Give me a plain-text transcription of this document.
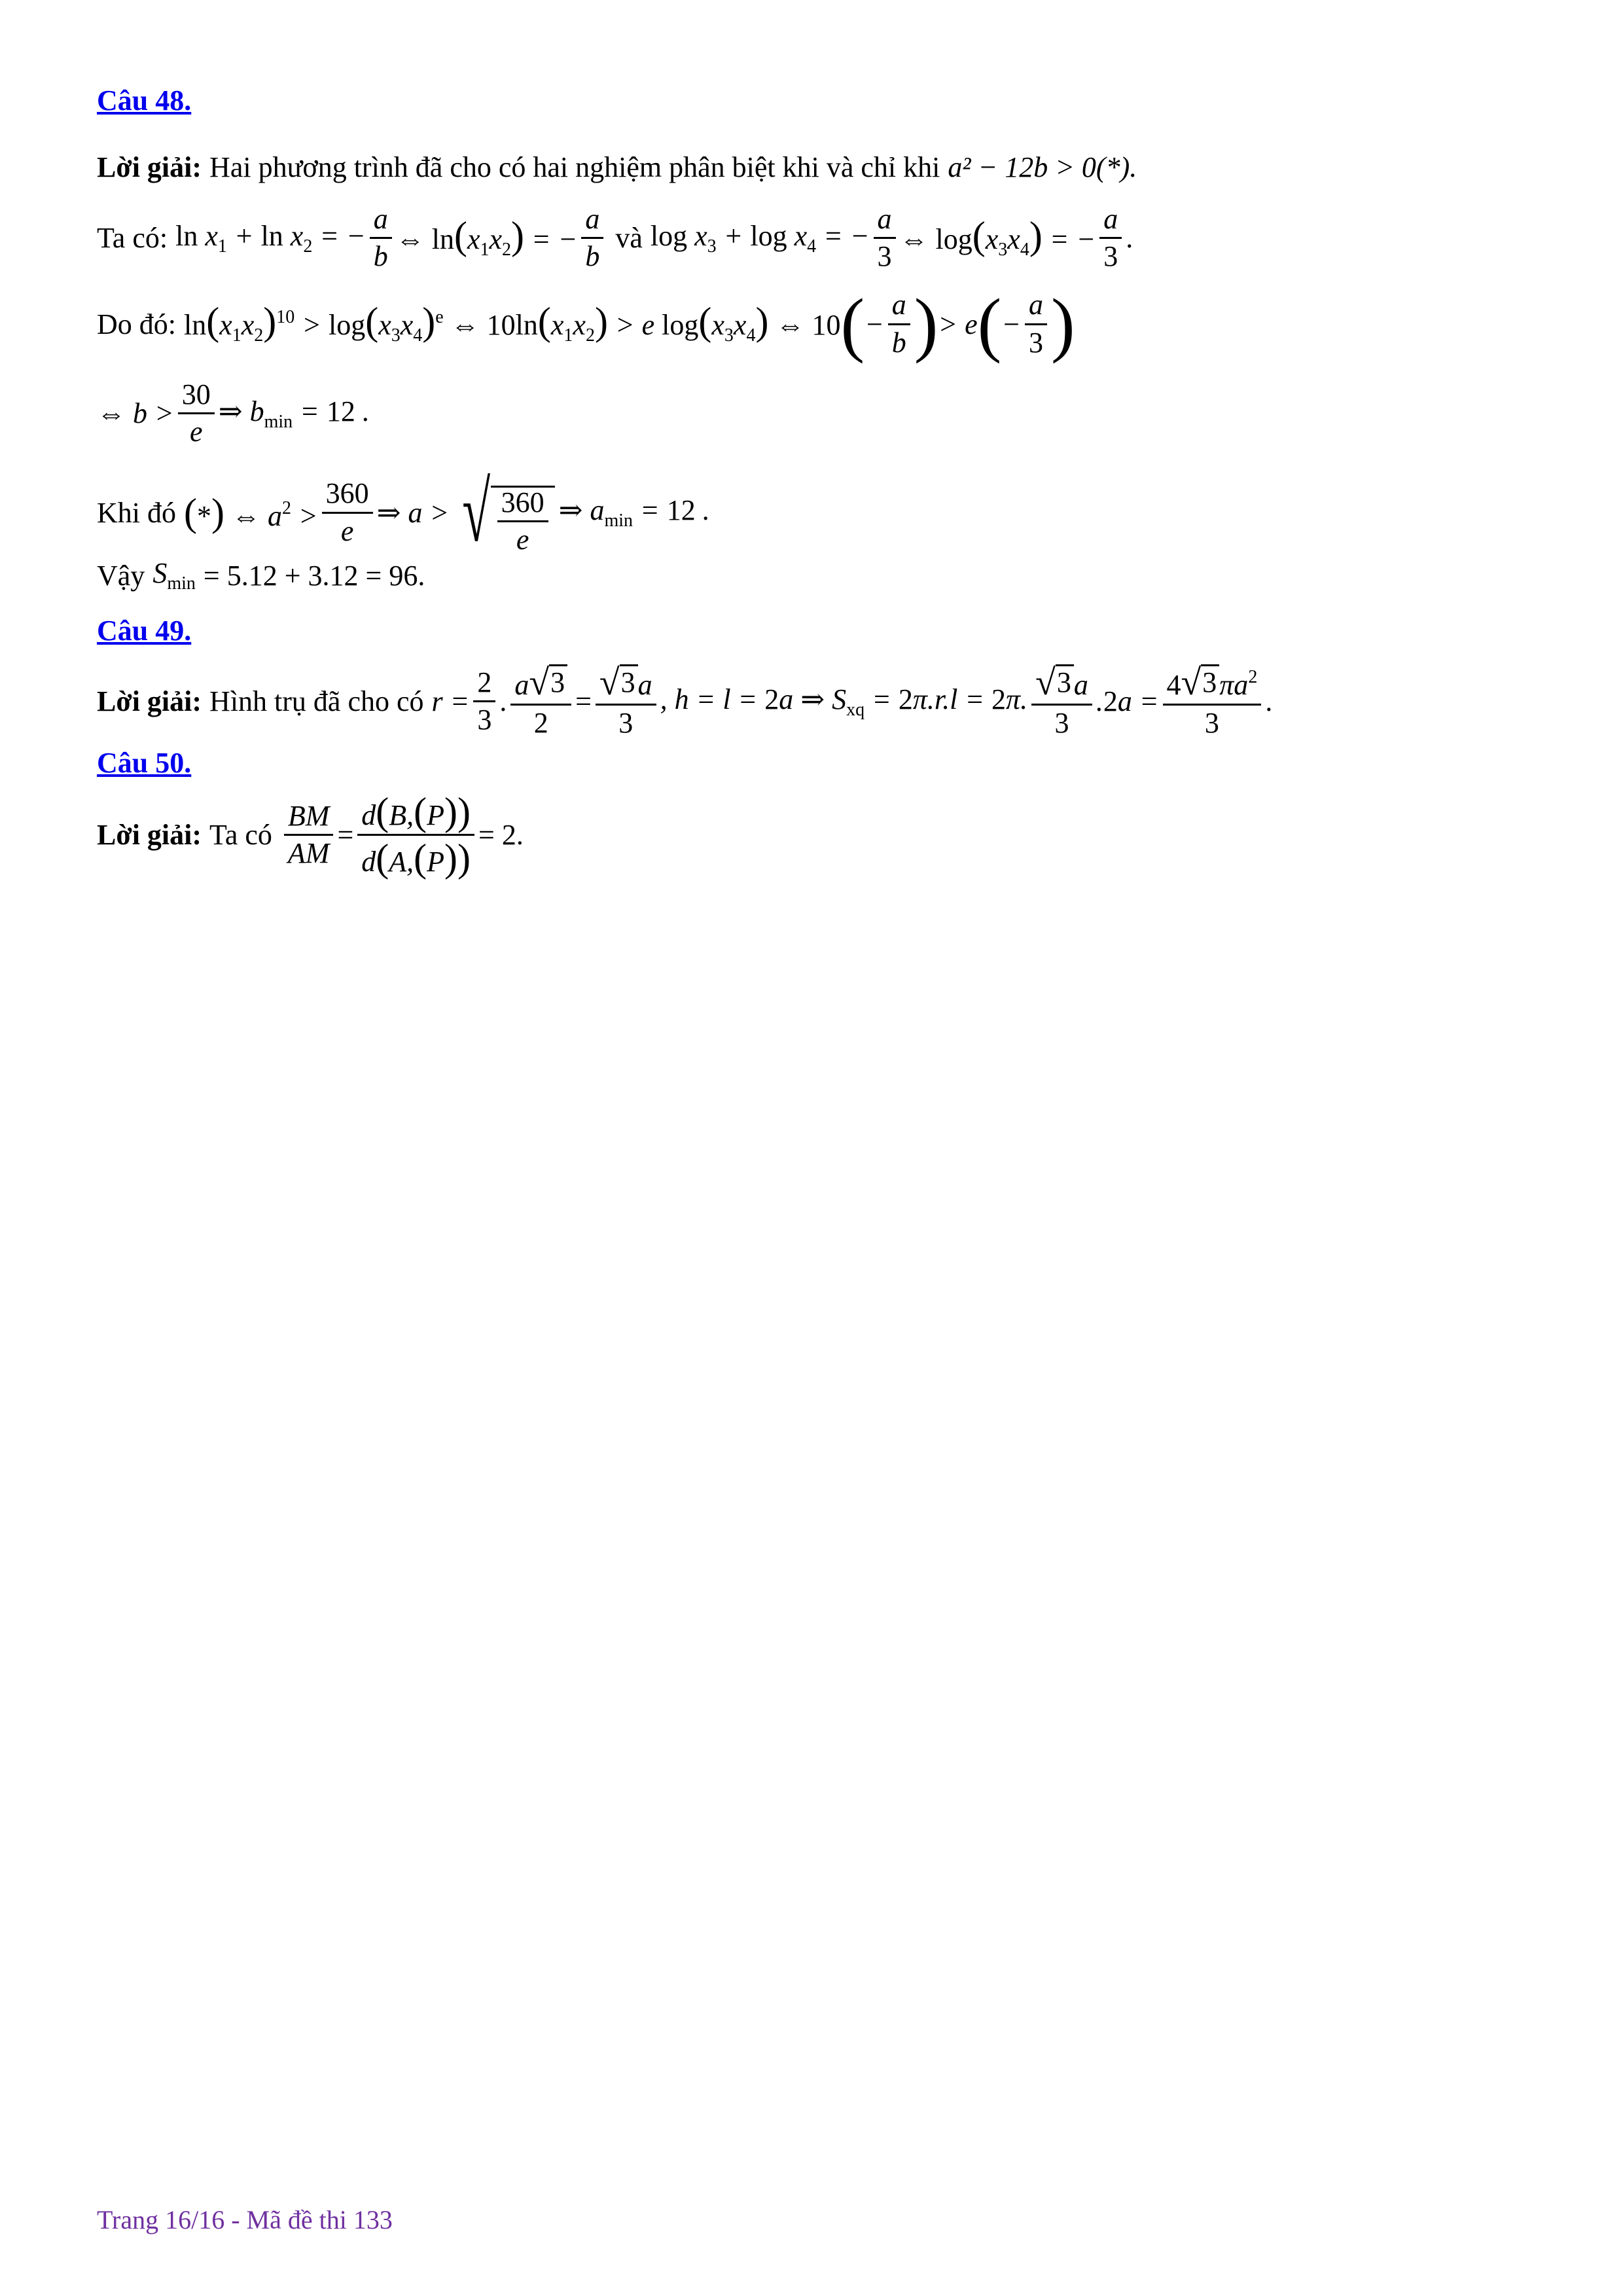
Câu 48.
Lời giải: Hai phương trình đã cho có hai nghiệm phân biệt khi và chỉ khi a² − 12b > 0(*).
Ta có: $\ln x_1 + \ln x_2$ = − $\frac{a}{b}$ ⇔ $\ln(x_1x_2)$ = − $\frac{a}{b}$ và $\log x_3 + \log x_4$ = − $\frac{a}{3}$ ⇔ $\log(x_3x_4)$ = − $\frac{a}{3}$ .
Do đó: $\ln(x_1x_2)^{10} > \log(x_3x_4)^e$ ⇔ $10\ln(x_1x_2) > e$ $\log(x_3x_4)$ ⇔ 10 ( − $\frac{a}{b}$ ) > e ( − $\frac{a}{3}$ )
⇔ $b > \frac{30}{e}$ ⇒ $b_{min} = 12$ .
Khi đó (*) ⇔ $a^2 > \frac{360}{e}$ ⇒ a > √ $\frac{360}{e}$ ⇒ $a_{min} = 12$ .
Vậy $S_{min} = 5.12 + 3.12 = 96$.
Câu 49.
Lời giải: Hình trụ đã cho có $r = \frac{2}{3}$ . $\frac{a √ 3}{2} = \frac{√ 3 a}{3}$ , h = l = 2a ⇒ $S_{xq} = 2\pi.r.l = 2\pi$. $\frac{√ 3 a}{3} .2a = \frac{4 √ 3 \pi a^2}{3}$ .
Câu 50.
Lời giải: Ta có $\frac{BM}{AM} = \frac{d(B,(P))}{d(A,(P))} = 2$.
Trang 16/16 - Mã đề thi 133
